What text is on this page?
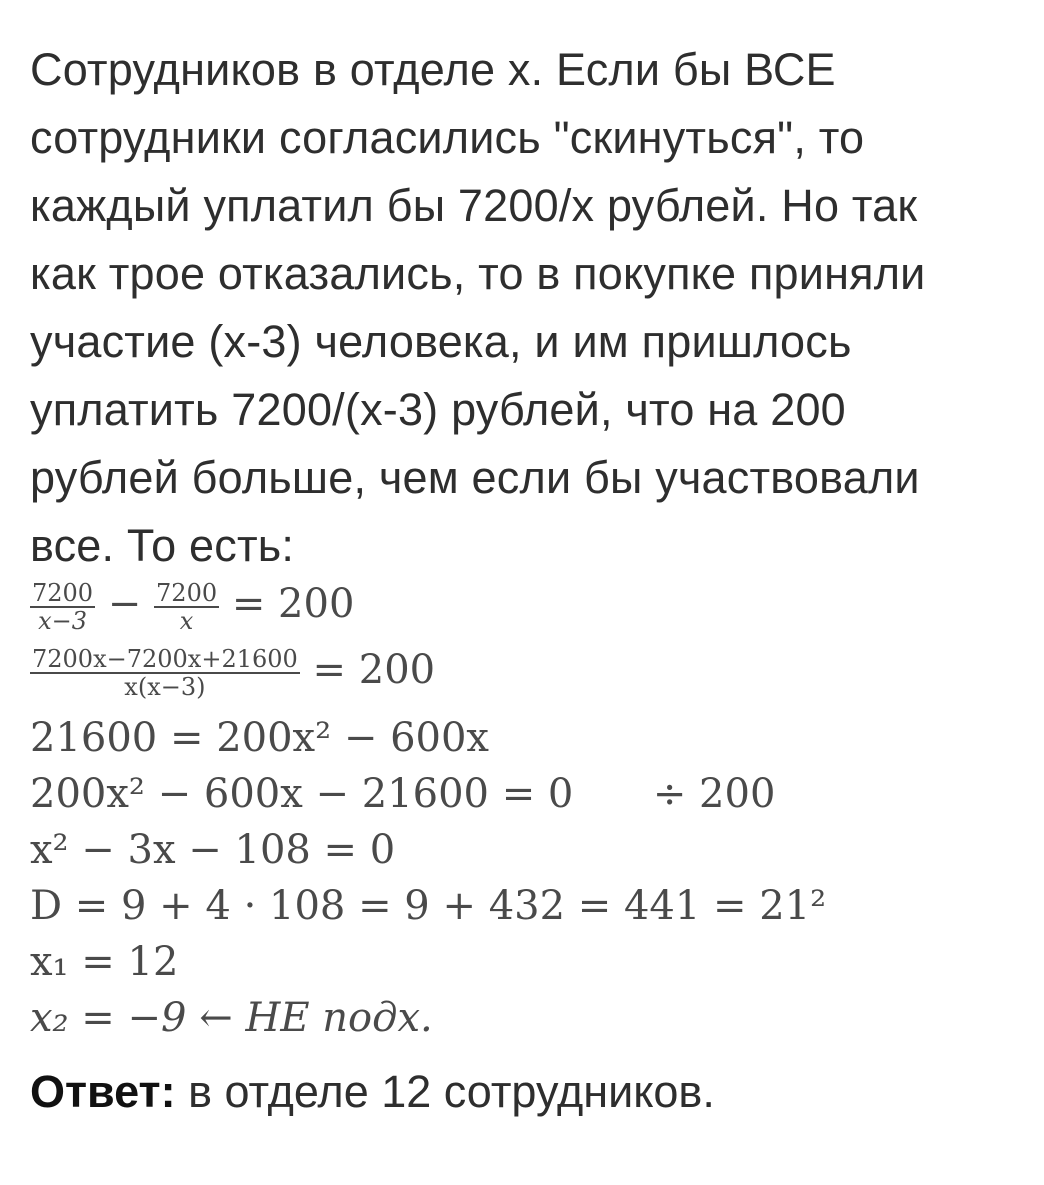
Сотрудников в отделе х. Если бы ВСЕ
сотрудники согласились "скинуться", то
каждый уплатил бы 7200/х рублей. Но так
как трое отказались, то в покупке приняли
участие (х-3) человека, и им пришлось
уплатить 7200/(х-3) рублей, что на 200
рублей больше, чем если бы участвовали
все. То есть:
$\frac{7200}{x-3} - \frac{7200}{x} = 200$
$\frac{7200x-7200x+21600}{x(x-3)} = 200$
21600 = 200x² − 600x
200x² − 600x − 21600 = 0 ÷ 200
x² − 3x − 108 = 0
D = 9 + 4 · 108 = 9 + 432 = 441 = 21²
x₁ = 12
x₂ = −9 ← НЕ подх.
Ответ: в отделе 12 сотрудников.
